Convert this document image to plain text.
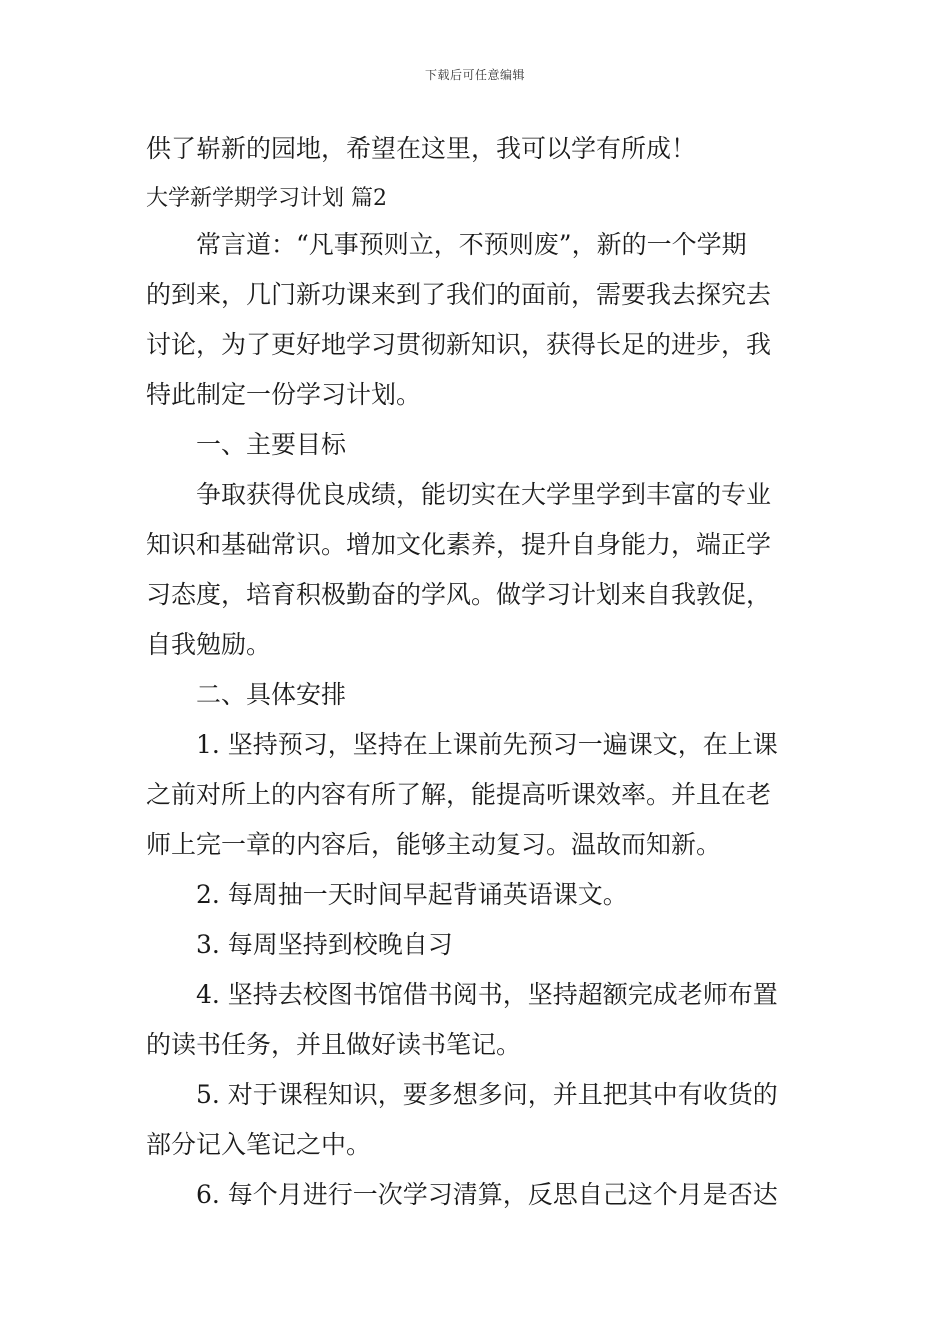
下载后可任意编辑
供了崭新的园地，希望在这里，我可以学有所成！
大学新学期学习计划 篇2
常言道：“凡事预则立，不预则废”，新的一个学期
的到来，几门新功课来到了我们的面前，需要我去探究去
讨论，为了更好地学习贯彻新知识，获得长足的进步，我
特此制定一份学习计划。
一、主要目标
争取获得优良成绩，能切实在大学里学到丰富的专业
知识和基础常识。增加文化素养，提升自身能力，端正学
习态度，培育积极勤奋的学风。做学习计划来自我敦促，
自我勉励。
二、具体安排
1. 坚持预习，坚持在上课前先预习一遍课文，在上课
之前对所上的内容有所了解，能提高听课效率。并且在老
师上完一章的内容后，能够主动复习。温故而知新。
2. 每周抽一天时间早起背诵英语课文。
3. 每周坚持到校晚自习
4. 坚持去校图书馆借书阅书，坚持超额完成老师布置
的读书任务，并且做好读书笔记。
5. 对于课程知识，要多想多问，并且把其中有收货的
部分记入笔记之中。
6. 每个月进行一次学习清算，反思自己这个月是否达
